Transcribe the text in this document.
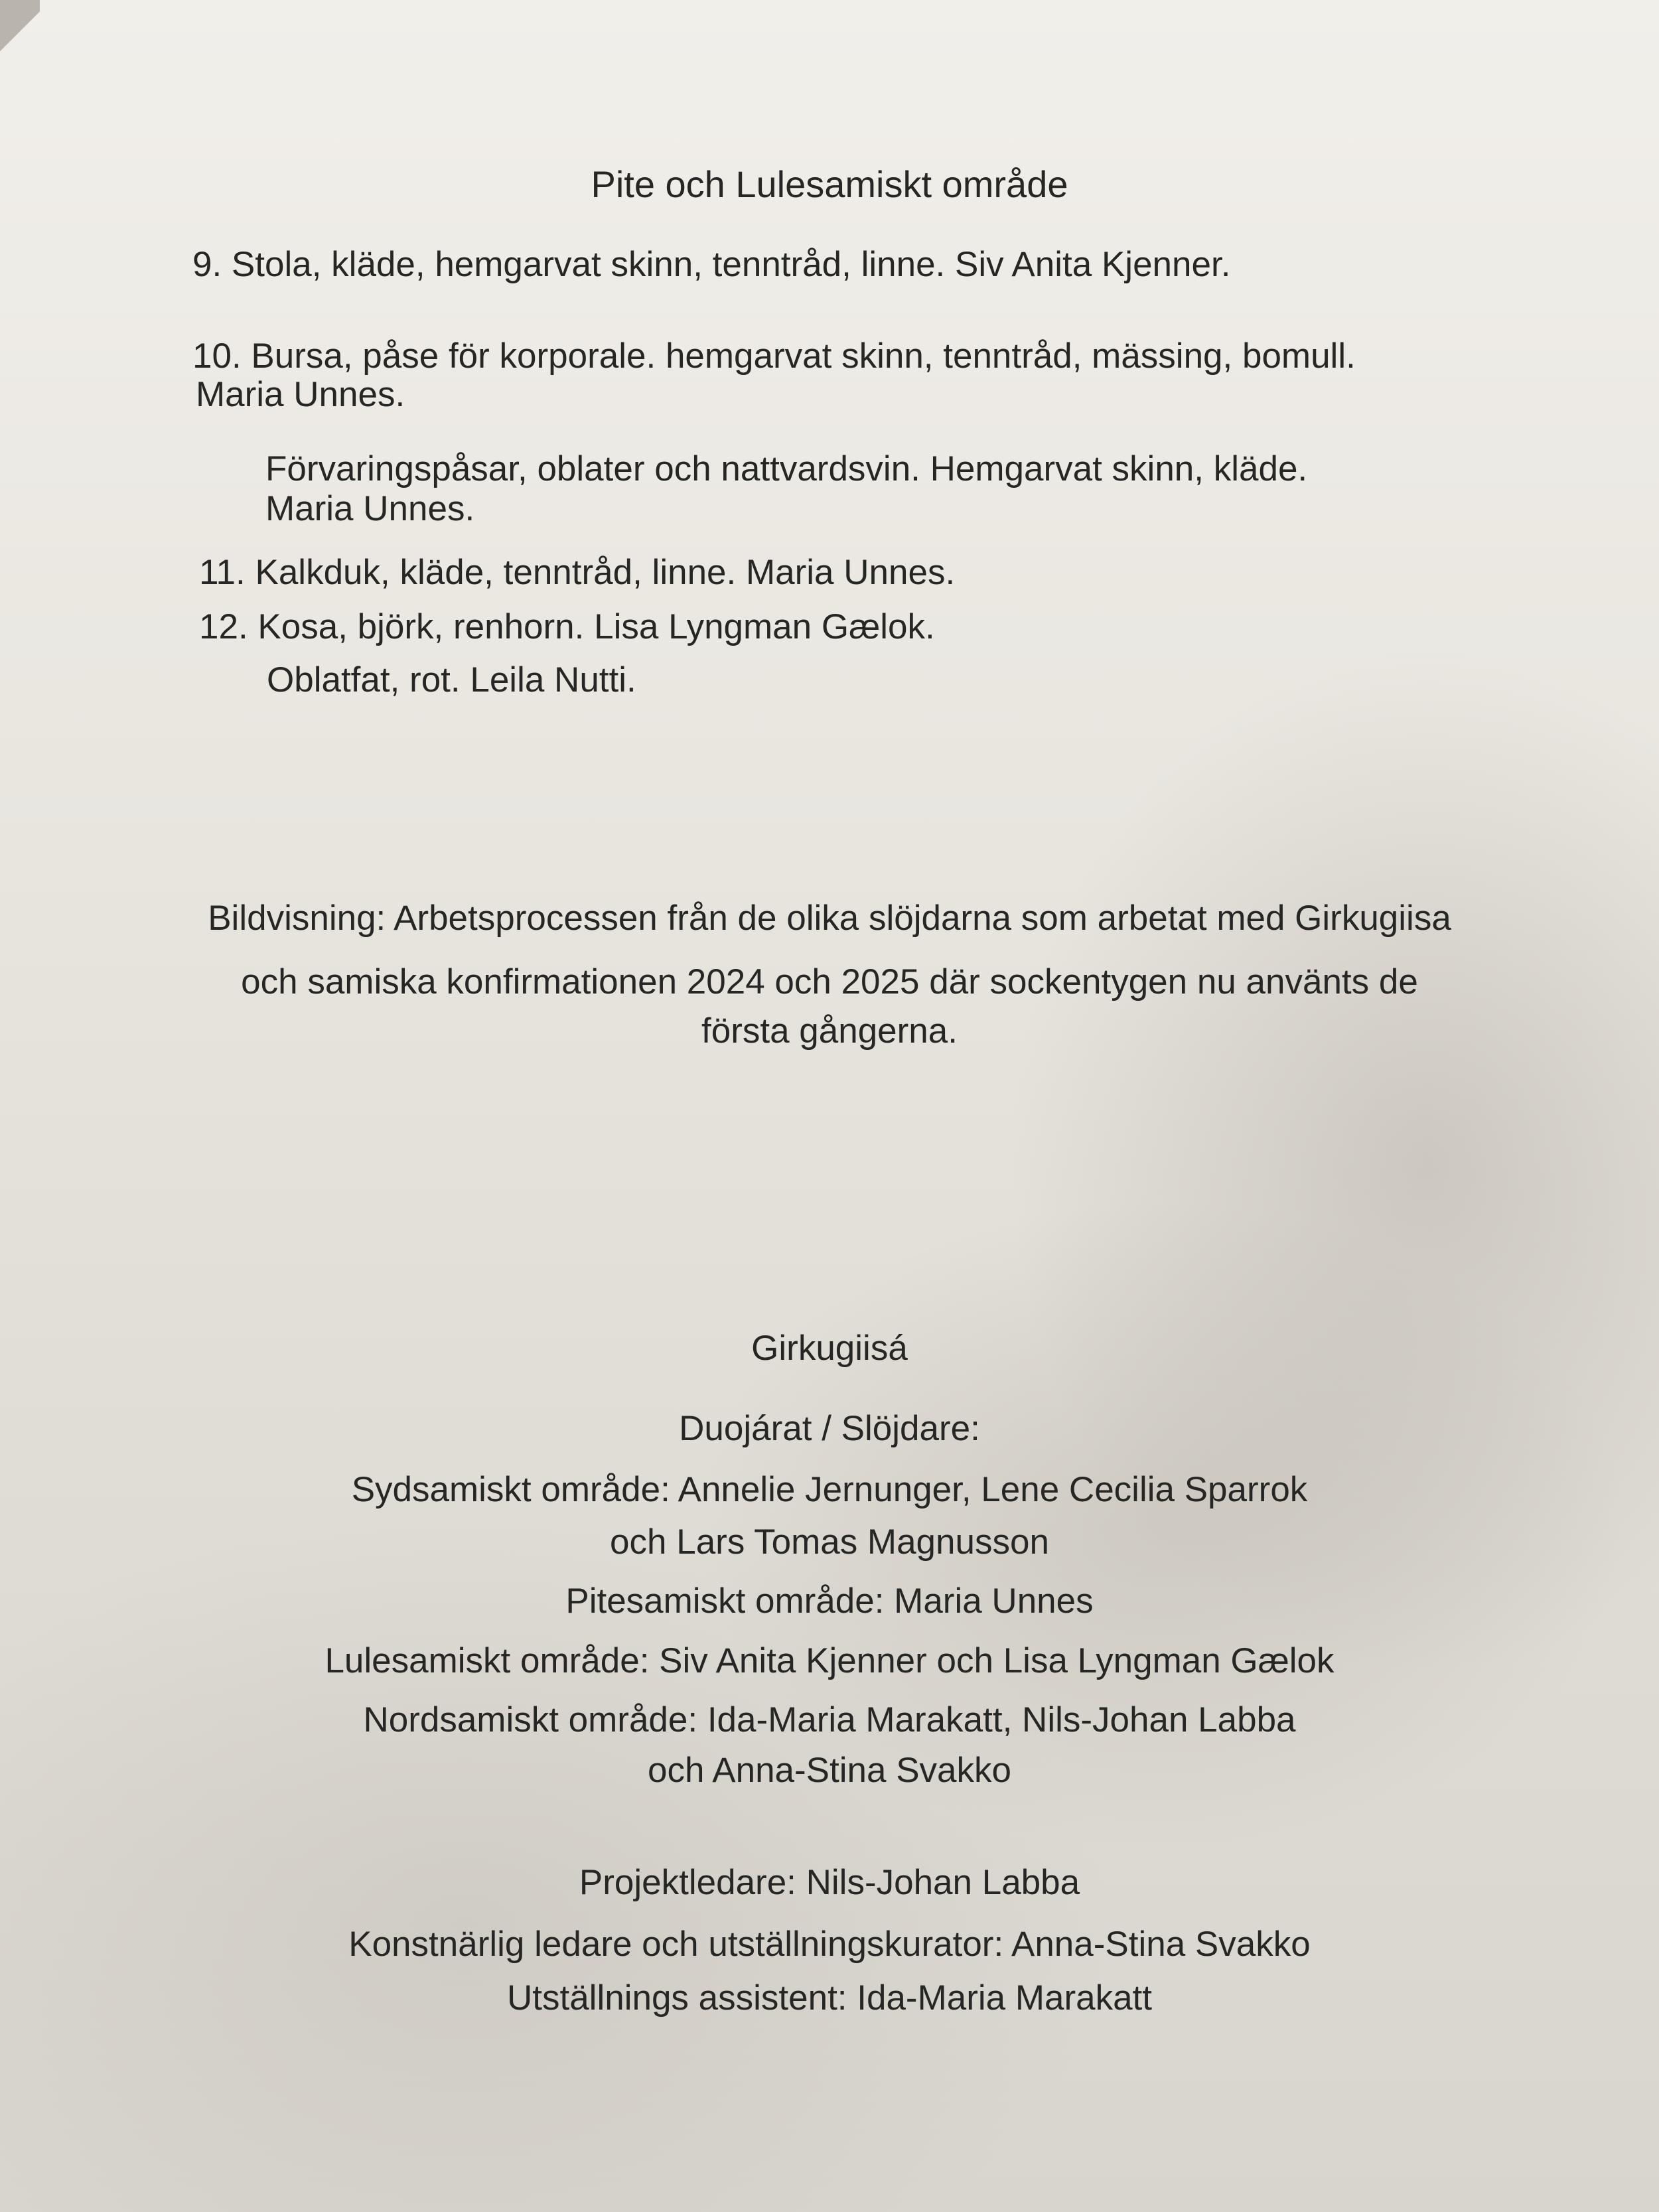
Pite och Lulesamiskt område

9. Stola, kläde, hemgarvat skinn, tenntråd, linne. Siv Anita Kjenner.

10. Bursa, påse för korporale. hemgarvat skinn, tenntråd, mässing, bomull.

Maria Unnes.

Förvaringspåsar, oblater och nattvardsvin. Hemgarvat skinn, kläde.

Maria Unnes.

11. Kalkduk, kläde, tenntråd, linne. Maria Unnes.

12. Kosa, björk, renhorn. Lisa Lyngman Gælok.

Oblatfat, rot. Leila Nutti.

Bildvisning: Arbetsprocessen från de olika slöjdarna som arbetat med Girkugiisa

och samiska konfirmationen 2024 och 2025 där sockentygen nu använts de

första gångerna.

Girkugiisá

Duojárat / Slöjdare:

Sydsamiskt område: Annelie Jernunger, Lene Cecilia Sparrok

och Lars Tomas Magnusson

Pitesamiskt område: Maria Unnes

Lulesamiskt område: Siv Anita Kjenner och Lisa Lyngman Gælok

Nordsamiskt område: Ida-Maria Marakatt, Nils-Johan Labba

och Anna-Stina Svakko

Projektledare: Nils-Johan Labba

Konstnärlig ledare och utställningskurator: Anna-Stina Svakko

Utställnings assistent: Ida-Maria Marakatt
